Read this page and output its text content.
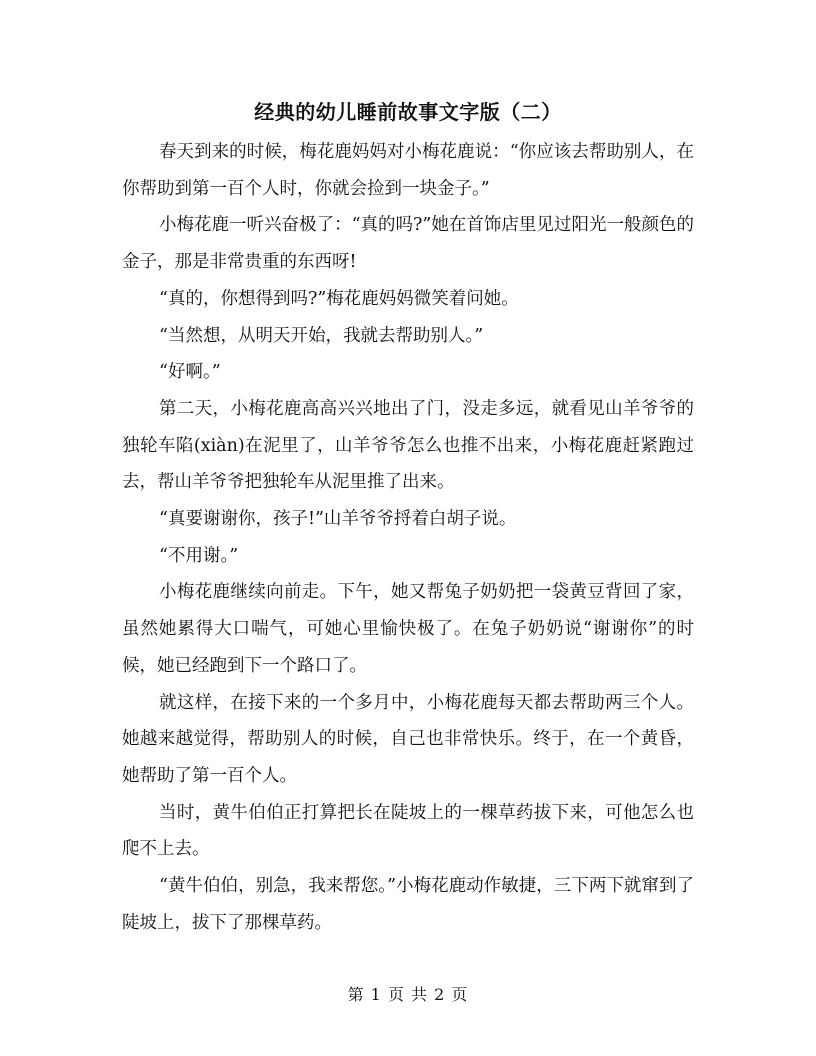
经典的幼儿睡前故事文字版（二）

春天到来的时候，梅花鹿妈妈对小梅花鹿说：“你应该去帮助别人，在你帮助到第一百个人时，你就会捡到一块金子。”

小梅花鹿一听兴奋极了：“真的吗?”她在首饰店里见过阳光一般颜色的金子，那是非常贵重的东西呀!

“真的，你想得到吗?”梅花鹿妈妈微笑着问她。

“当然想，从明天开始，我就去帮助别人。”

“好啊。”

第二天，小梅花鹿高高兴兴地出了门，没走多远，就看见山羊爷爷的独轮车陷(xiàn)在泥里了，山羊爷爷怎么也推不出来，小梅花鹿赶紧跑过去，帮山羊爷爷把独轮车从泥里推了出来。

“真要谢谢你，孩子!”山羊爷爷捋着白胡子说。

“不用谢。”

小梅花鹿继续向前走。下午，她又帮兔子奶奶把一袋黄豆背回了家，虽然她累得大口喘气，可她心里愉快极了。在兔子奶奶说“谢谢你”的时候，她已经跑到下一个路口了。

就这样，在接下来的一个多月中，小梅花鹿每天都去帮助两三个人。她越来越觉得，帮助别人的时候，自己也非常快乐。终于，在一个黄昏，她帮助了第一百个人。

当时，黄牛伯伯正打算把长在陡坡上的一棵草药拔下来，可他怎么也爬不上去。

“黄牛伯伯，别急，我来帮您。”小梅花鹿动作敏捷，三下两下就窜到了陡坡上，拔下了那棵草药。

第 1 页 共 2 页
